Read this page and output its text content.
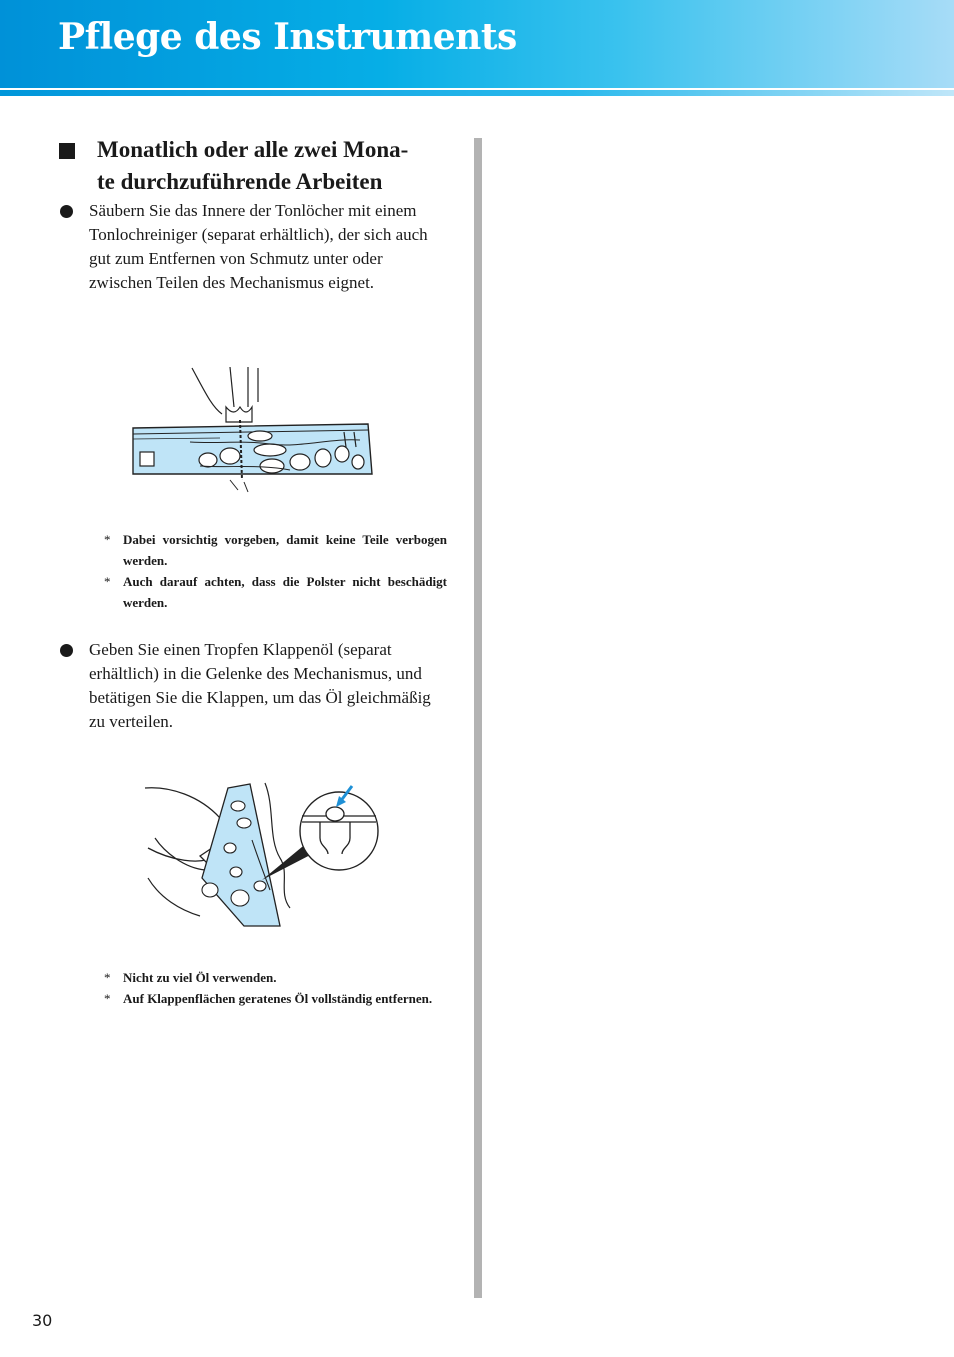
Pflege des Instruments
Monatlich oder alle zwei Mona-
te durchzuführende Arbeiten
Säubern Sie das Innere der Tonlöcher mit einem Tonlochreiniger (separat erhältlich), der sich auch gut zum Entfernen von Schmutz unter oder zwischen Teilen des Mechanismus eignet.

* Dabei vorsichtig vorgeben, damit keine Teile verbogen werden.

* Auch darauf achten, dass die Polster nicht beschädigt werden.

Geben Sie einen Tropfen Klappenöl (separat erhältlich) in die Gelenke des Mechanismus, und betätigen Sie die Klappen, um das Öl gleichmäßig zu verteilen.

* Nicht zu viel Öl verwenden.

* Auf Klappenflächen geratenes Öl vollständig entfernen.

30
